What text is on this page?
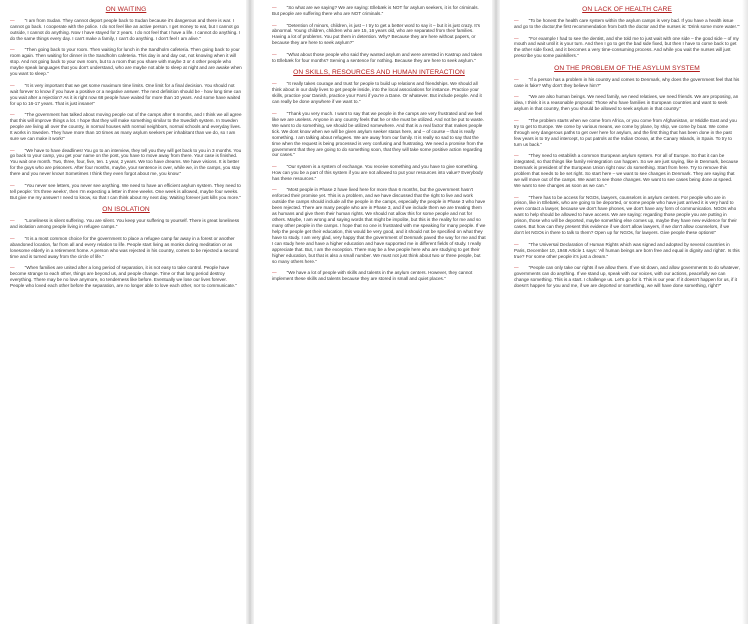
ON WAITING

— "I am from Sudan. They cannot deport people back to Sudan because it's dangerous and there is war. I cannot go back. I cooperate with the police. I do not feel like an active person. I get money to eat, but I cannot go outside, I cannot do anything. Now I have stayed for 2 years. I do not feel that I have a life. I cannot do anything. I do the same things every day. I can't make a family, I can't do anything. I don't feel I am alive."

— "Then going back to your room. Then waiting for lunch in the Sandholm cafeteria. Then going back to your room again. Then waiting for dinner in the Sandholm cafeteria. This day in and day out, not knowing when it will stop. And not going back to your own room, but to a room that you share with maybe 3 or 4 other people who maybe speak languages that you don't understand, who are maybe not able to sleep at night and are awake when you want to sleep."

— "It is very important that we get some maximum time limits. One limit for a final decision. You should not wait forever to know if you have a positive or a negative answer. The next definition should be - how long time can you wait after a rejection? As it is right now 68 people have waited for more than 10 years. And some have waited for up to 16-17 years. That is just insane!"

— "The government has talked about moving people out of the camps after 6 months, and I think we all agree that this will improve things a lot. I hope that they will make something similar to the Swedish system. In Sweden people are living all over the country, in normal houses with normal neighbors, normal schools and everyday lives. It works in Sweden. They have more than 10 times as many asylum seekers per inhabitant than we do, so I am sure we can make it work!"

— "We have to have deadlines! You go to an interview, they tell you they will get back to you in 3 months. You go back to your camp, you get your name on the post, you have to move away from there. Your case is finished. You wait one month. Two, three, four, five, ten. 1 year, 2 years. We too have dreams. We have visions. It is better for the guys who are prisoners. After four months, maybe, your sentence is over, while we, in the camps, you stay there and you never know! Sometimes I think they even forgot about me, you know."

— "You never see letters, you never see anything. We need to have an efficient asylum system. They need to tell people: 'it's three weeks', then I'm expecting a letter in three weeks. One week is allowed, maybe four weeks. But give me my answer! I need to know, so that I can think about my next day. Waiting forever just kills you more."

ON ISOLATION

— "Loneliness is silent suffering. You are silent. You keep your suffering to yourself. There is great loneliness and isolation among people living in refugee camps."

— "It is a most common choice for the government to place a refugee camp far away in a forest or another abandoned location, far from all and every relation to life. People start living as monks during meditation or as lonesome elderly in a retirement home. A person who was rejected in his country, comes to be rejected a second time and is turned away from the circle of life."

— "When families are united after a long period of separation, it is not easy to take control. People have become strange to each other, things are beyond us, and people change. Time or that long period destroy everything. There may be no love anymore, no tenderness like before. Eventually we lose our lives forever. People who loved each other before the separation, are no longer able to love each other, nor to communicate."

— "So what are we saying? We are saying: Ellebæk is NOT for asylum seekers, it is for criminals. But people are suffering there who are NOT criminals."

— "Detention of minors, children, is just – I try to get a better word to say it – but it is just crazy. It's abnormal. Young children, children who are 15, 16 years old, who are separated from their families. Having a lot of problems. You put them in detention. Why? Because they are here without papers, or because they are here to seek asylum?"

— "What about those people who said they wanted asylum and were arrested in Kastrup and taken to Ellebæk for four months? Serving a sentence for nothing. Because they are here to seek asylum."

ON SKILLS, RESOURCES AND HUMAN INTERACTION

— "It really takes courage and trust for people to build up relations and friendships. We should all think about in our daily lives to get people inside, into the local associations for instance. Practice your skills, practice your Danish, practice your Farsi if you're a Dane. Or whatever. But include people. And it can really be done anywhere if we want to."

— "Thank you very much. I want to say that we people in the camps are very frustrated and we feel like we are useless. Anyone in any country feels that he or she must be utilized. And not be put to waste. We want to do something, we should be utilized somewhere. And that is a real factor that makes people tick. We dont know when we will be given asylum seeker status here, and – of course – that is really something. I am talking about refugees. We are away from our family. It is really so sad to say that the time when the request is being processed is very confusing and frustrating. We need a promise from the government that they are going to do something soon, that they will take some positive action regarding our cases."

— "Our system is a system of exchange. You receive something and you have to give something. How can you be a part of this system if you are not allowed to put your resources into value? Everybody has these resources."

— "Most people in Phase 2 have lived here for more than 6 months, but the government hasn't enforced their promise yet. This is a problem, and we have discussed that the right to live and work outside the camps should include all the people in the camps, especially the people in Phase 3 who have been rejected. There are many people who are in Phase 3, and if we include them we are treating them as humans and give them their human rights. We should not allow this for some people and not for others. Maybe, I am wrong and saying words that might be impolite, but this is the reality for me and so many other people in the camps. I hope that no one is frustrated with me speaking for many people. If we help the people get their education, this would be very good, and it should not be specified on what they have to study. I am very glad, very happy that the government of Denmark paved the way for me and that I can study here and have a higher education and have supported me in different fields of study. I really appreciate that. But, I am the exception. There may be a few people here who are studying to get their higher education, but that is also a small number. We must not just think about two or three people, but so many others here."

— "We have a lot of people with skills and talents in the asylum centers. However, they cannot implement these skills and talents because they are stored in small and quiet places."

ON LACK OF HEALTH CARE

— "To be honest the health care system within the asylum camps is very bad. If you have a health issue and go to the doctor,the first recommendation from both the doctor and the nurses is: 'Drink some more water.'"

— "For example I had to see the dentist, and she told me to just wait with one side – the good side – of my mouth and wait until it is your turn. And then I go to get the bad side fixed, but then I have to come back to get the other side fixed, and it becomes a very time-consuming process. And while you wait the nurses will just prescribe you some painkillers."

ON THE PROBLEM OF THE ASYLUM SYSTEM

— "If a person has a problem in his country and comes to Denmark, why does the government feel that his case is fake? Why don't they believe him?"

— "We are also human beings. We need family, we need relatives, we need friends. We are proposing, an idea, I think it is a reasonable proposal: Those who have families in European countries and want to seek asylum in that country, then you should be allowed to seek asylum in that country."

— "The problem starts when we come from Africa, or you come from Afghanistan, or Middle East and you try to get to Europe. We come by various means, we come by plane, by ship, we come by boat. We come through very dangerous paths to get over here for asylum, and the first thing that has been done in the past few years is to try and intercept, to put patrols at the Indian Ocean, at the Canary Islands, in Spain. To try to turn us back."

— "They need to establish a common European asylum system. For all of Europe. So that it can be integrated, so that things like family reintegration can happen. So we are just saying, like in Denmark, because Denmark is president of the European Union right now: do something. Start from here. Try to remove this problem that needs to be set right. So start here – we want to see changes in Denmark. They are saying that we will move out of the camps. We want to see those changes. We want to see cases being done at speed. We want to see changes as soon as we can."

— "There has to be access for NGOs, lawyers, counselors in asylum centers. For people who are in prison, like in Ellebæk, who are going to be deported, or some people who have just arrived it is very hard to even contact a lawyer, because we don't have phones, we don't have any form of communication. NGOs who want to help should be allowed to have access. We are saying: regarding those people you are putting in prison, those who will be deported, maybe something else comes up, maybe they have new evidence for their cases. But how can they present this evidence if we don't allow lawyers, if we don't allow counselors, if we don't let NGOs in there to talk to them? Open up for NGOs, for lawyers. Give people these options!"

— "The Universal Declaration of Human Rights which was signed and adopted by several countries in Paris, December 10, 1948 Article 1 says: 'All human beings are born free and equal in dignity and rights'. Is this true? For some other people it's just a dream."

— "People can only take our rights if we allow them. If we sit down, and allow governments to do whatever, governments can do anything. If we stand up, speak with our voices, with our actions, peacefully we can change something. This is a start. I challenge us. Let's go for it. This is our year. If it doesn't happen for us, if it doesn't happen for you and me, if we are deported or something, we will have done something, right?"
